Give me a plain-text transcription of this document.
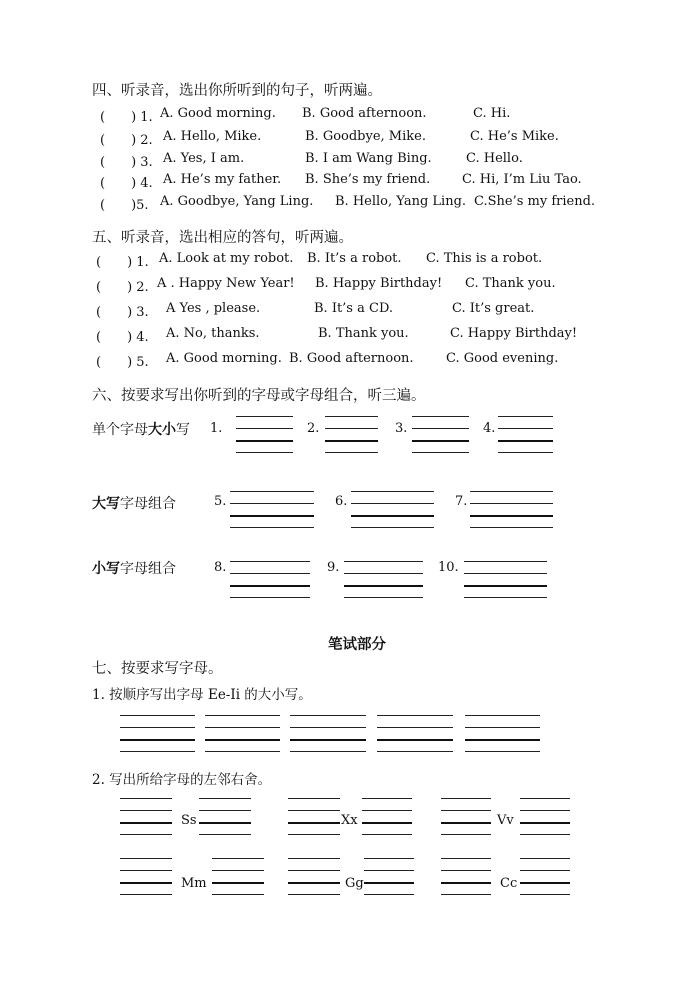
四、听录音，选出你所听到的句子，听两遍。
(　　) 1. A. Good morning. B. Good afternoon.	C. Hi.
(　　) 2. A. Hello, Mike.	B. Goodbye, Mike.	C. He’s Mike.
(　　) 3. A. Yes, I am.	B. I am Wang Bing.	C. Hello.
(　　) 4. A. He’s my father. B. She’s my friend. C. Hi, I’m Liu Tao.
(　　)5. A. Goodbye, Yang Ling. B. Hello, Yang Ling. C.She’s my friend.
五、听录音，选出相应的答句，听两遍。
(　　) 1. A. Look at my robot. B. It’s a robot. C. This is a robot.
(　　) 2. A . Happy New Year! B. Happy Birthday! C. Thank you.
(　　) 3. A Yes , please.	B. It’s a CD.	C. It’s great.
(　　) 4. A. No, thanks.	B. Thank you.	C. Happy Birthday!
(　　) 5. A. Good morning. B. Good afternoon. C. Good evening.
六、按要求写出你听到的字母或字母组合，听三遍。
单个字母大小写 1.	2.	3.	4.
大写字母组合	5.	6.	7.
小写字母组合	8.	9.	10.
笔试部分
七、按要求写字母。
1. 按顺序写出字母 Ee-Ii 的大小写。
2. 写出所给字母的左邻右舍。
Ss	Xx	Vv
Mm	Gg	Cc
